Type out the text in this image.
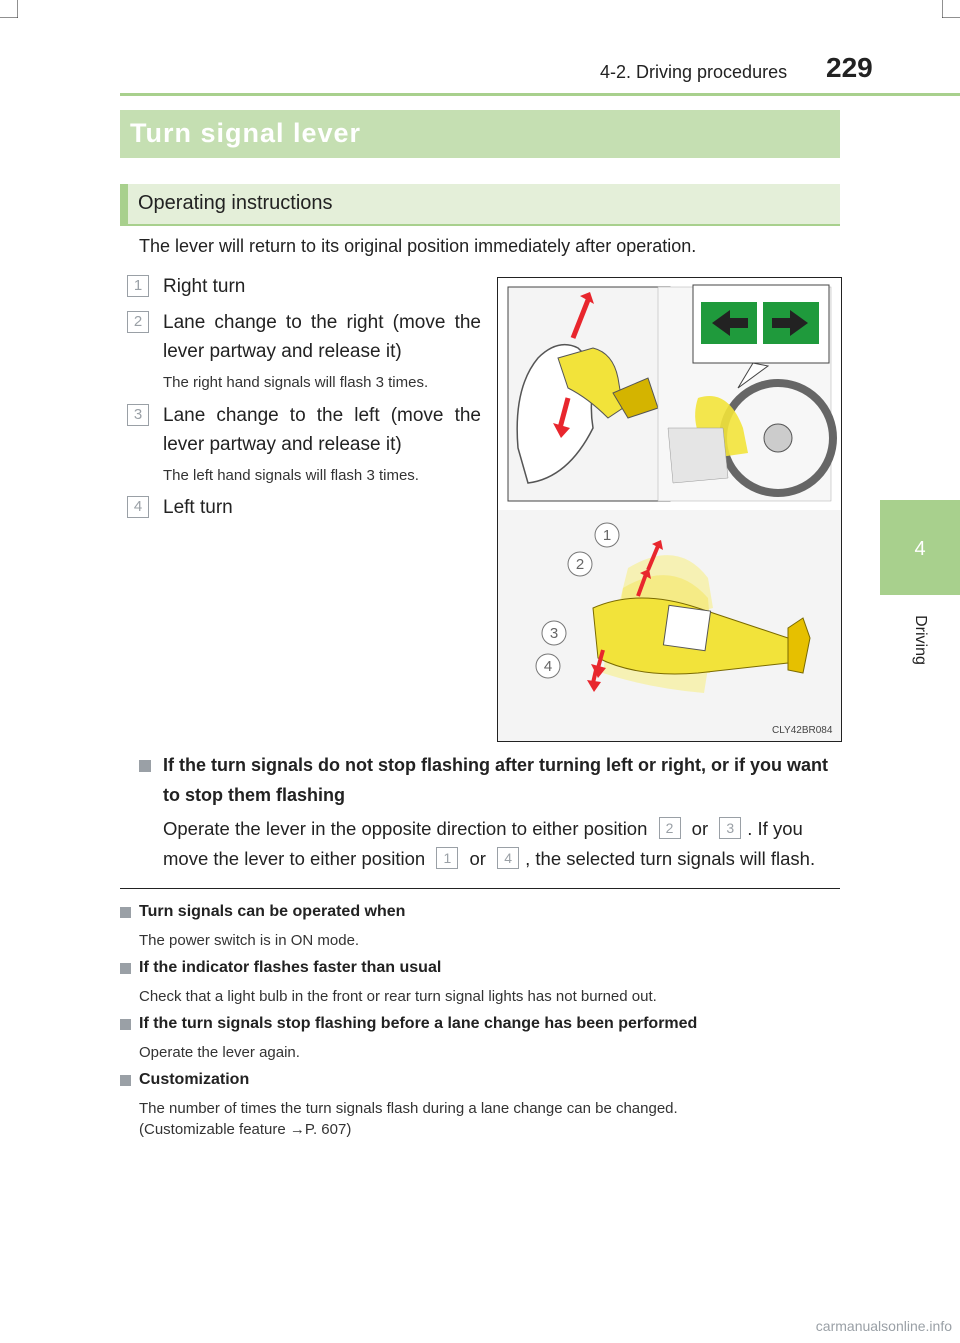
4-2. Driving procedures 229
4
Driving
Turn signal lever
Operating instructions
The lever will return to its original position immediately after operation.
1	Right turn
2	Lane change to the right (move the lever partway and release it)
The right hand signals will flash 3 times.
3	Lane change to the left (move the lever partway and release it)
The left hand signals will flash 3 times.
4	Left turn
1
2
3
4
CLY42BR084
If the turn signals do not stop flashing after turning left or right, or if you want to stop them flashing
Operate the lever in the opposite direction to either position 2 or 3 . If you move the lever to either position 1 or 4 , the selected turn signals will flash.
Turn signals can be operated when
The power switch is in ON mode.
If the indicator flashes faster than usual
Check that a light bulb in the front or rear turn signal lights has not burned out.
If the turn signals stop flashing before a lane change has been performed
Operate the lever again.
Customization
The number of times the turn signals flash during a lane change can be changed.
(Customizable feature →P. 607)
carmanualsonline.info
